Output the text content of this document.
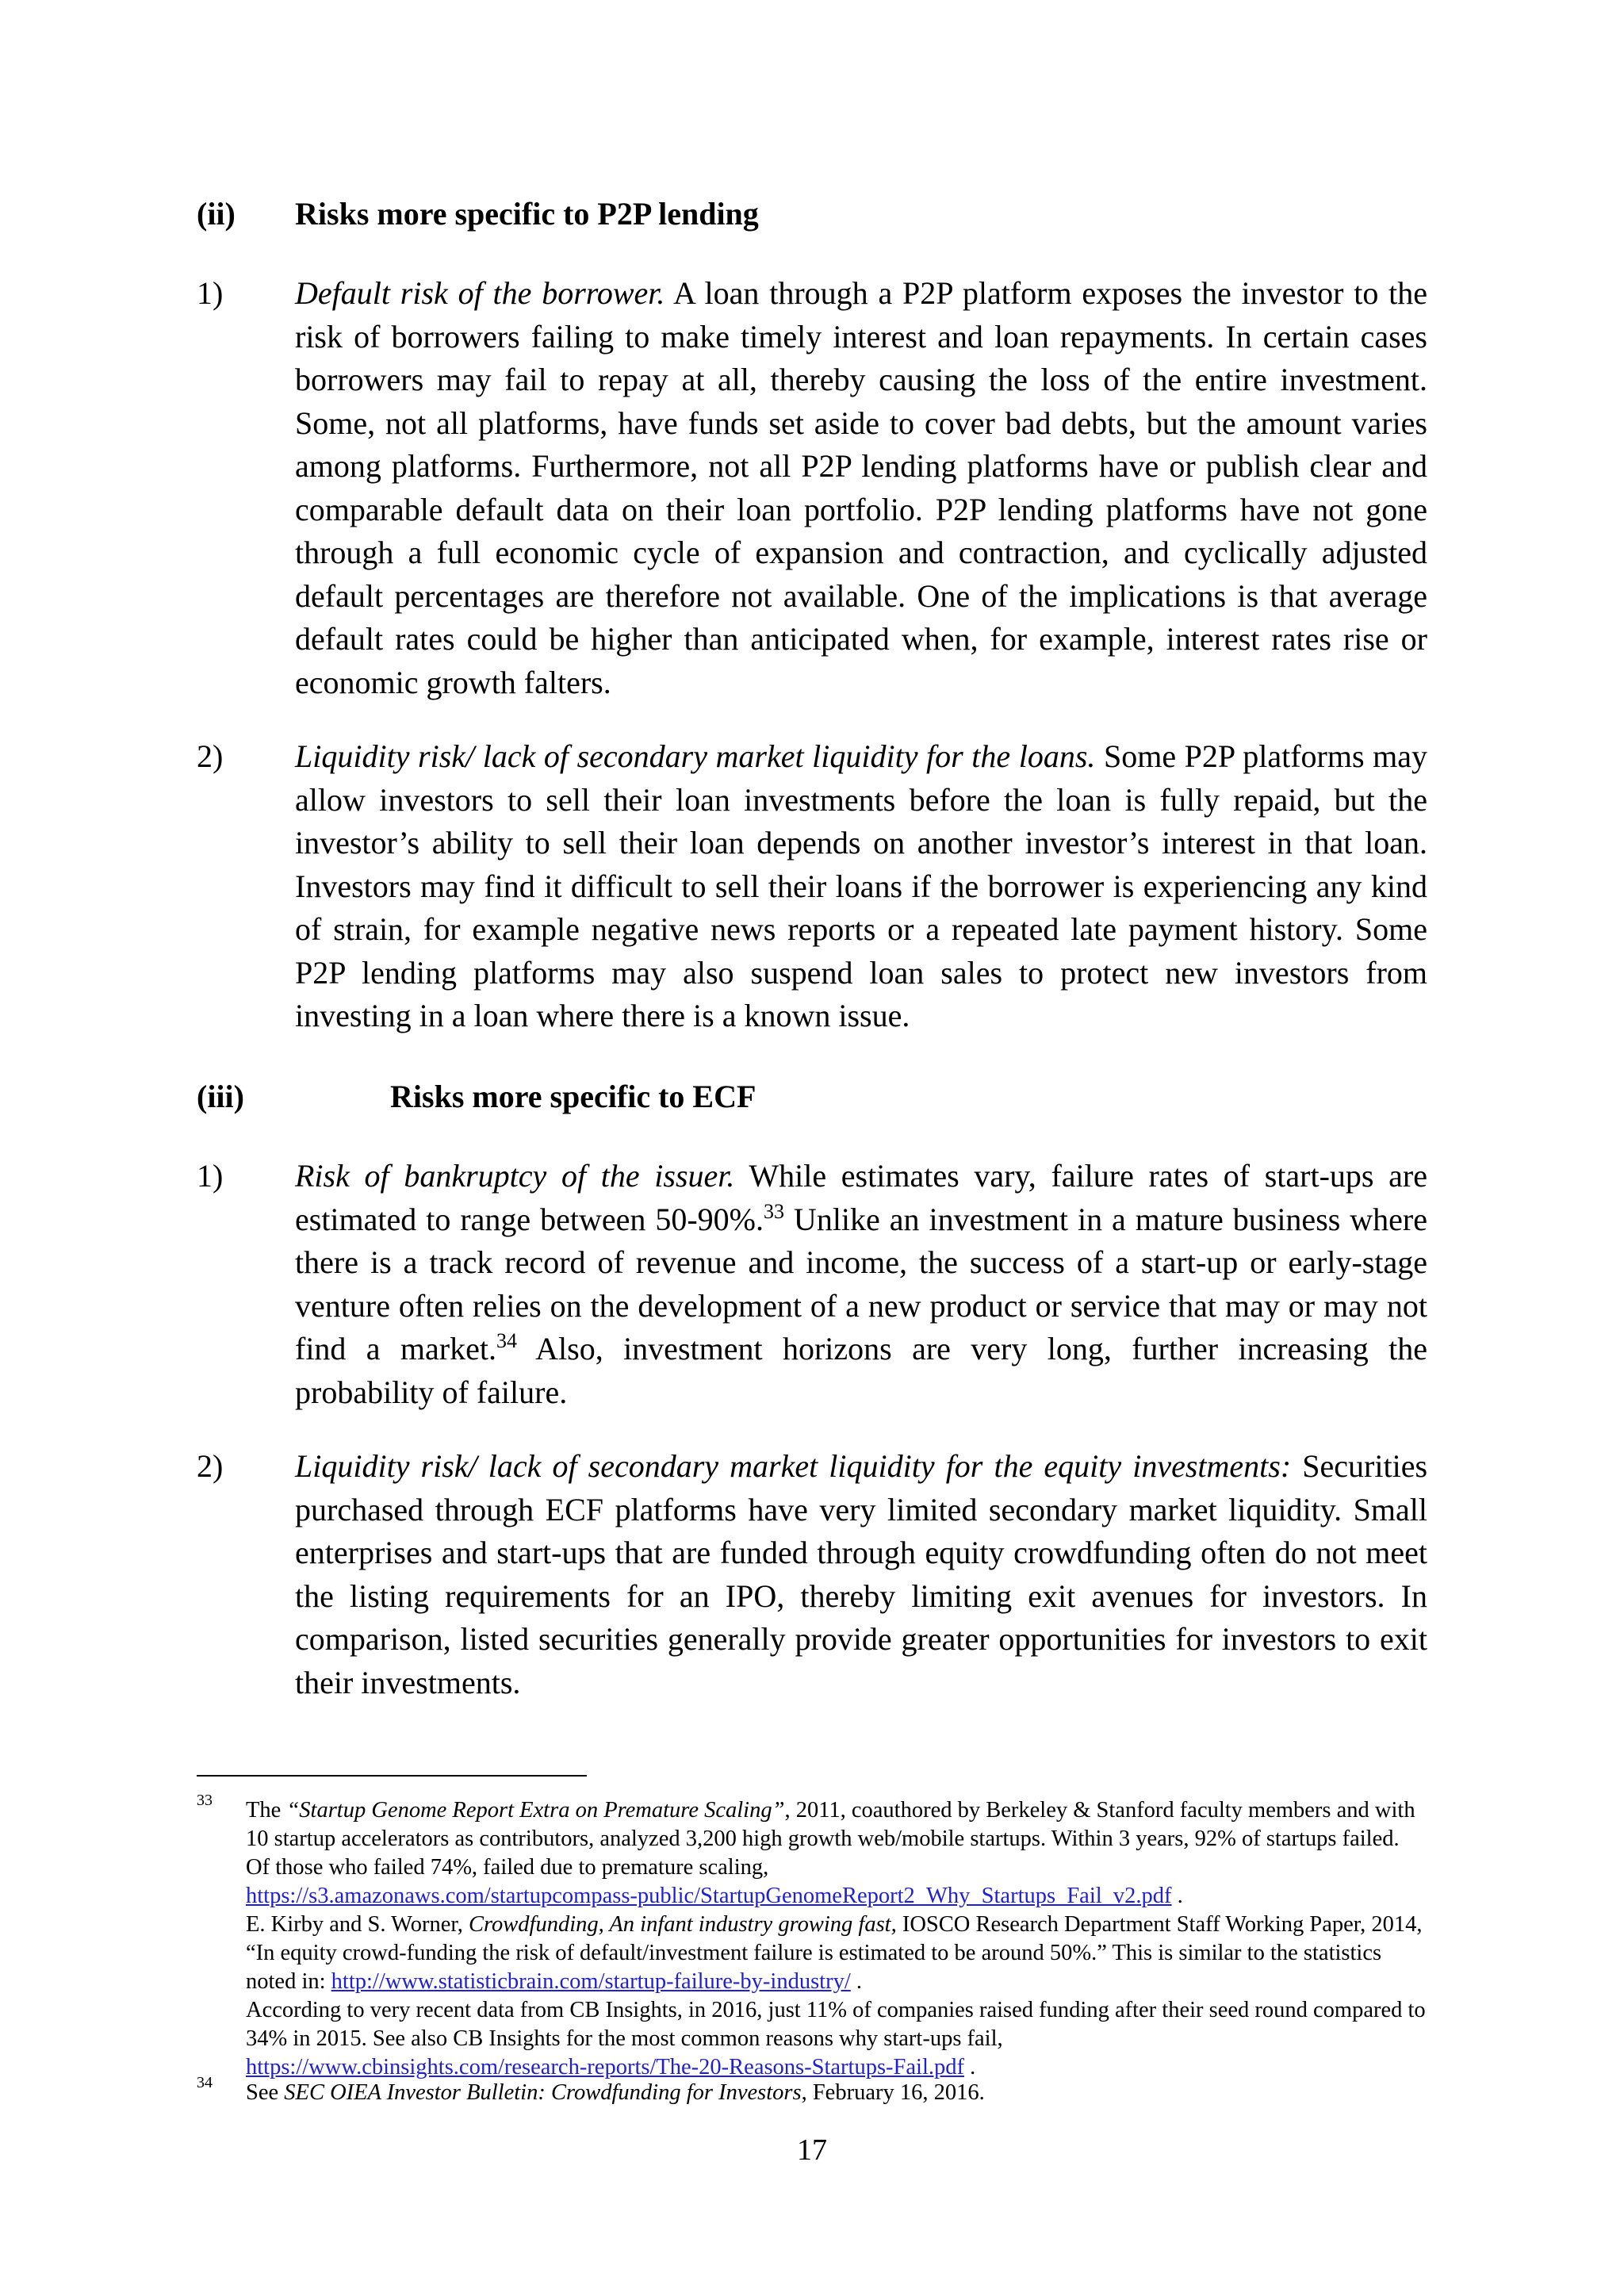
(ii) Risks more specific to P2P lending
1) Default risk of the borrower. A loan through a P2P platform exposes the investor to the risk of borrowers failing to make timely interest and loan repayments. In certain cases borrowers may fail to repay at all, thereby causing the loss of the entire investment. Some, not all platforms, have funds set aside to cover bad debts, but the amount varies among platforms. Furthermore, not all P2P lending platforms have or publish clear and comparable default data on their loan portfolio. P2P lending platforms have not gone through a full economic cycle of expansion and contraction, and cyclically adjusted default percentages are therefore not available. One of the implications is that average default rates could be higher than anticipated when, for example, interest rates rise or economic growth falters.
2) Liquidity risk/ lack of secondary market liquidity for the loans. Some P2P platforms may allow investors to sell their loan investments before the loan is fully repaid, but the investor’s ability to sell their loan depends on another investor’s interest in that loan. Investors may find it difficult to sell their loans if the borrower is experiencing any kind of strain, for example negative news reports or a repeated late payment history. Some P2P lending platforms may also suspend loan sales to protect new investors from investing in a loan where there is a known issue.
(iii)	Risks more specific to ECF
1) Risk of bankruptcy of the issuer. While estimates vary, failure rates of start-ups are estimated to range between 50-90%.$^{33}$ Unlike an investment in a mature business where there is a track record of revenue and income, the success of a start-up or early-stage venture often relies on the development of a new product or service that may or may not find a market.$^{34}$ Also, investment horizons are very long, further increasing the probability of failure.
2) Liquidity risk/ lack of secondary market liquidity for the equity investments: Securities purchased through ECF platforms have very limited secondary market liquidity. Small enterprises and start-ups that are funded through equity crowdfunding often do not meet the listing requirements for an IPO, thereby limiting exit avenues for investors. In comparison, listed securities generally provide greater opportunities for investors to exit their investments.
33 The “Startup Genome Report Extra on Premature Scaling”, 2011, coauthored by Berkeley & Stanford faculty members and with 10 startup accelerators as contributors, analyzed 3,200 high growth web/mobile startups. Within 3 years, 92% of startups failed. Of those who failed 74%, failed due to premature scaling,

https://s3.amazonaws.com/startupcompass-public/StartupGenomeReport2_Why_Startups_Fail_v2.pdf .

E. Kirby and S. Worner, Crowdfunding, An infant industry growing fast, IOSCO Research Department Staff Working Paper, 2014, “In equity crowd-funding the risk of default/investment failure is estimated to be around 50%.” This is similar to the statistics noted in: http://www.statisticbrain.com/startup-failure-by-industry/ .

According to very recent data from CB Insights, in 2016, just 11% of companies raised funding after their seed round compared to 34% in 2015. See also CB Insights for the most common reasons why start-ups fail,

https://www.cbinsights.com/research-reports/The-20-Reasons-Startups-Fail.pdf .

34 See SEC OIEA Investor Bulletin: Crowdfunding for Investors, February 16, 2016.

17
